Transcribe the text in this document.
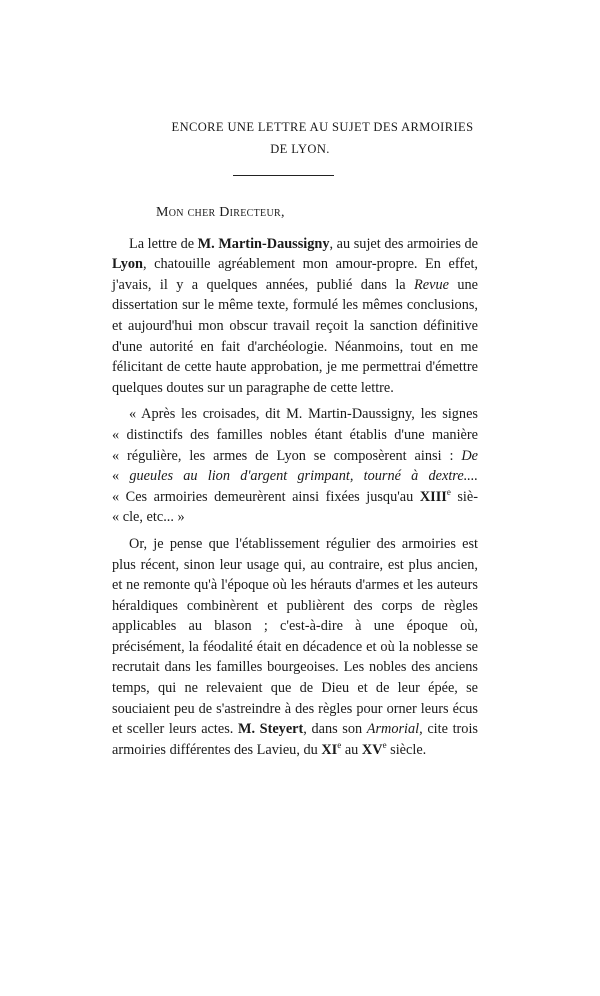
ENCORE UNE LETTRE AU SUJET DES ARMOIRIES
DE LYON.
Mon cher Directeur,

La lettre de M. Martin-Daussigny, au sujet des armoiries de Lyon, chatouille agréablement mon amour-propre. En effet, j'avais, il y a quelques années, publié dans la Revue une dissertation sur le même texte, formulé les mêmes conclusions, et aujourd'hui mon obscur travail reçoit la sanction définitive d'une autorité en fait d'archéologie. Néanmoins, tout en me félicitant de cette haute approbation, je me permettrai d'émettre quelques doutes sur un paragraphe de cette lettre.

« Après les croisades, dit M. Martin-Daussigny, les signes
« distinctifs des familles nobles étant établis d'une manière
« régulière, les armes de Lyon se composèrent ainsi : De
« gueules au lion d'argent grimpant, tourné à dextre....
« Ces armoiries demeurèrent ainsi fixées jusqu'au XIIIe siè-
« cle, etc... »

Or, je pense que l'établissement régulier des armoiries est plus récent, sinon leur usage qui, au contraire, est plus ancien, et ne remonte qu'à l'époque où les hérauts d'armes et les auteurs héraldiques combinèrent et publièrent des corps de règles applicables au blason ; c'est-à-dire à une époque où, précisément, la féodalité était en décadence et où la noblesse se recrutait dans les familles bourgeoises. Les nobles des anciens temps, qui ne relevaient que de Dieu et de leur épée, se souciaient peu de s'astreindre à des règles pour orner leurs écus et sceller leurs actes. M. Steyert, dans son Armorial, cite trois armoiries différentes des Lavieu, du XIe au XVe siècle.
